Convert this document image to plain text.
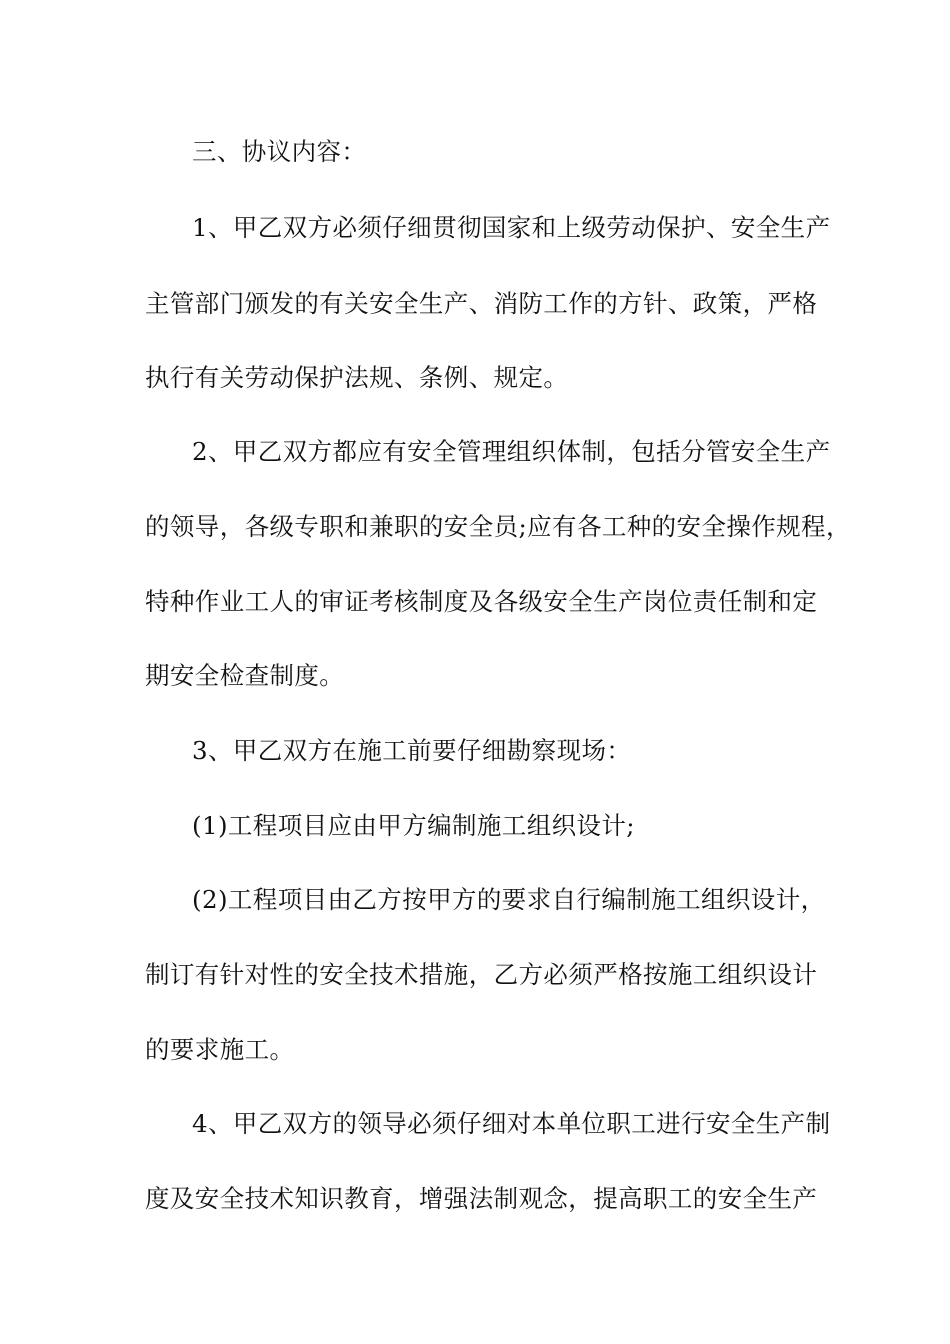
三、协议内容：
1、甲乙双方必须仔细贯彻国家和上级劳动保护、安全生产
主管部门颁发的有关安全生产、消防工作的方针、政策，严格
执行有关劳动保护法规、条例、规定。
2、甲乙双方都应有安全管理组织体制，包括分管安全生产
的领导，各级专职和兼职的安全员;应有各工种的安全操作规程，
特种作业工人的审证考核制度及各级安全生产岗位责任制和定
期安全检查制度。
3、甲乙双方在施工前要仔细勘察现场：
(1)工程项目应由甲方编制施工组织设计;
(2)工程项目由乙方按甲方的要求自行编制施工组织设计，
制订有针对性的安全技术措施，乙方必须严格按施工组织设计
的要求施工。
4、甲乙双方的领导必须仔细对本单位职工进行安全生产制
度及安全技术知识教育，增强法制观念，提高职工的安全生产
